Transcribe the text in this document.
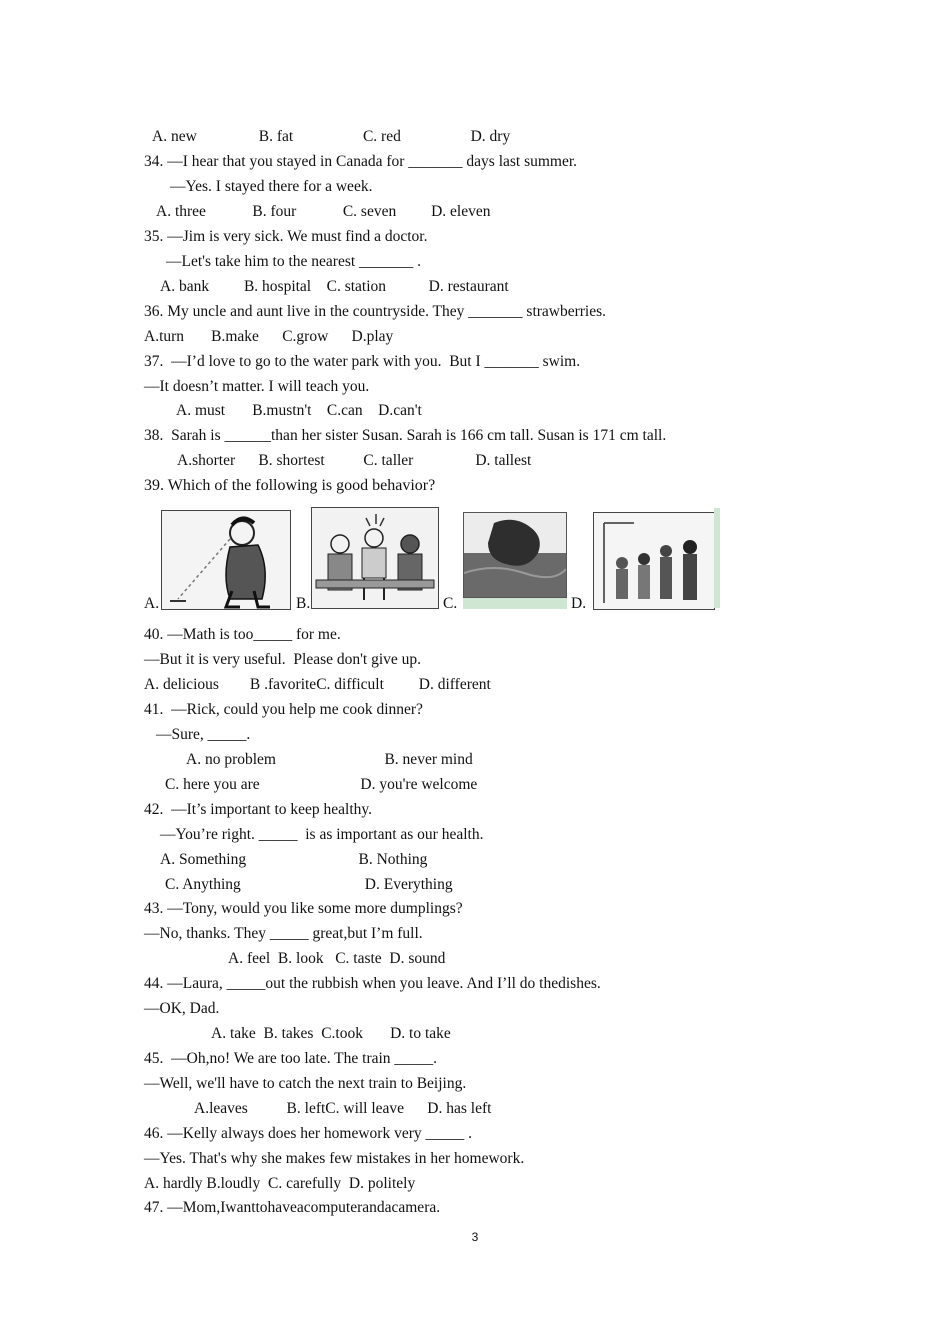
A. new                B. fat                  C. red                  D. dry
34. —I hear that you stayed in Canada for _______ days last summer.
—Yes. I stayed there for a week.
A. three            B. four            C. seven         D. eleven
35. —Jim is very sick. We must find a doctor.
—Let's take him to the nearest _______ .
A. bank         B. hospital    C. station           D. restaurant
36. My uncle and aunt live in the countryside. They _______ strawberries.
A.turn       B.make      C.grow      D.play
37.  —I’d love to go to the water park with you.  But I _______ swim.
—It doesn’t matter. I will teach you.
A. must       B.mustn't    C.can    D.can't
38.  Sarah is ______than her sister Susan. Sarah is 166 cm tall. Susan is 171 cm tall.
A.shorter      B. shortest          C. taller                D. tallest
39. Which of the following is good behavior?
A.	B.	C.	D.
40. —Math is too_____ for me.
—But it is very useful.  Please don't give up.
A. delicious        B .favoriteC. difficult         D. different
41.  —Rick, could you help me cook dinner?
—Sure, _____.
A. no problem                            B. never mind
C. here you are                          D. you're welcome
42.  —It’s important to keep healthy.
—You’re right. _____  is as important as our health.
A. Something                             B. Nothing
C. Anything                                D. Everything
43. —Tony, would you like some more dumplings?
—No, thanks. They _____ great,but I’m full.
A. feel  B. look   C. taste  D. sound
44. —Laura, _____out the rubbish when you leave. And I’ll do thedishes.
—OK, Dad.
A. take  B. takes  C.took       D. to take
45.  —Oh,no! We are too late. The train _____.
—Well, we'll have to catch the next train to Beijing.
A.leaves          B. leftC. will leave      D. has left
46. —Kelly always does her homework very _____ .
—Yes. That's why she makes few mistakes in her homework.
A. hardly B.loudly  C. carefully  D. politely
47. —Mom,Iwanttohaveacomputerandacamera.
3
